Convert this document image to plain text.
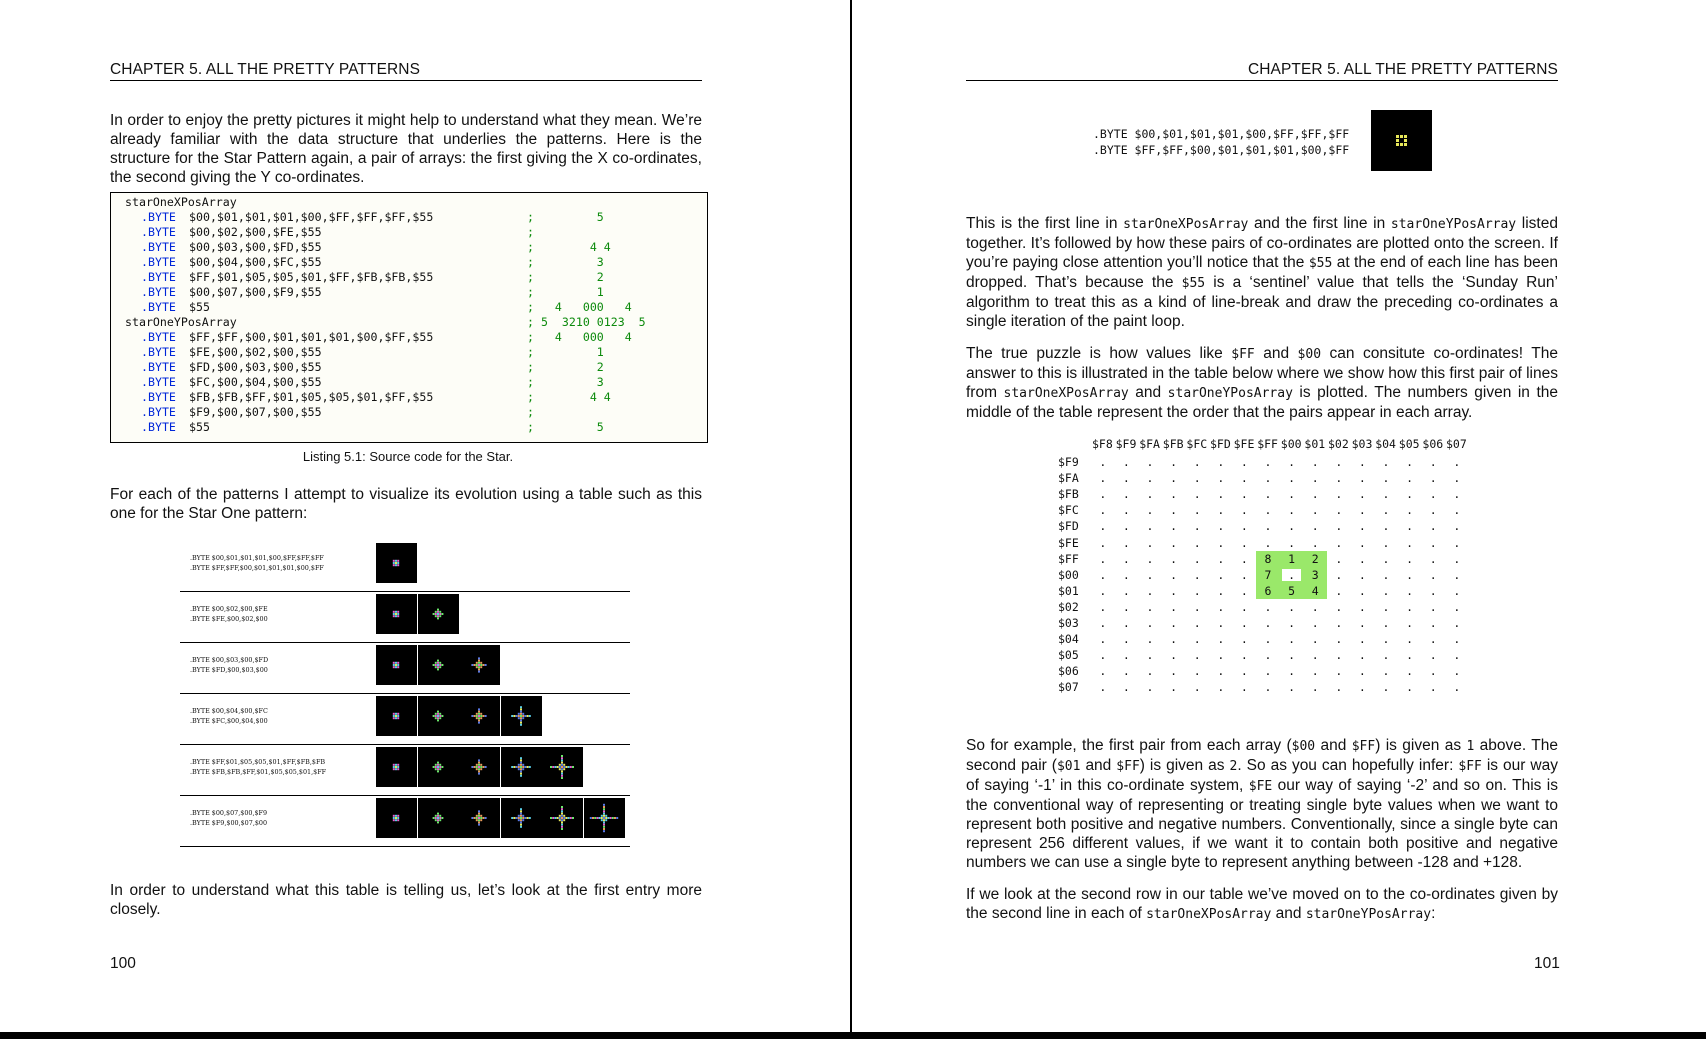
CHAPTER 5. ALL THE PRETTY PATTERNS

In order to enjoy the pretty pictures it might help to understand what they mean. We’re already familiar with the data structure that underlies the patterns. Here is the structure for the Star Pattern again, a pair of arrays: the first giving the X co-ordinates, the second giving the Y co-ordinates.

starOneXPosArray
.BYTE $00,$01,$01,$01,$00,$FF,$FF,$FF,$55	;         5
.BYTE $00,$02,$00,$FE,$55	;
.BYTE $00,$03,$00,$FD,$55	;        4 4
.BYTE $00,$04,$00,$FC,$55	;         3
.BYTE $FF,$01,$05,$05,$01,$FF,$FB,$FB,$55	;         2
.BYTE $00,$07,$00,$F9,$55	;         1
.BYTE $55	;   4   000   4
starOneYPosArray	; 5  3210 0123  5
.BYTE $FF,$FF,$00,$01,$01,$01,$00,$FF,$55	;   4   000   4
.BYTE $FE,$00,$02,$00,$55	;         1
.BYTE $FD,$00,$03,$00,$55	;         2
.BYTE $FC,$00,$04,$00,$55	;         3
.BYTE $FB,$FB,$FF,$01,$05,$05,$01,$FF,$55	;        4 4
.BYTE $F9,$00,$07,$00,$55	;
.BYTE $55	;         5
Listing 5.1: Source code for the Star.

For each of the patterns I attempt to visualize its evolution using a table such as this one for the Star One pattern:

.BYTE $00,$01,$01,$01,$00,$FF,$FF,$FF
.BYTE $FF,$FF,$00,$01,$01,$01,$00,$FF
.BYTE $00,$02,$00,$FE
.BYTE $FE,$00,$02,$00
.BYTE $00,$03,$00,$FD
.BYTE $FD,$00,$03,$00
.BYTE $00,$04,$00,$FC
.BYTE $FC,$00,$04,$00
.BYTE $FF,$01,$05,$05,$01,$FF,$FB,$FB
.BYTE $FB,$FB,$FF,$01,$05,$05,$01,$FF
.BYTE $00,$07,$00,$F9
.BYTE $F9,$00,$07,$00

In order to understand what this table is telling us, let’s look at the first entry more closely.

100
CHAPTER 5. ALL THE PRETTY PATTERNS
.BYTE $00,$01,$01,$01,$00,$FF,$FF,$FF
.BYTE $FF,$FF,$00,$01,$01,$01,$00,$FF

This is the first line in starOneXPosArray and the first line in starOneYPosArray listed together. It’s followed by how these pairs of co-ordinates are plotted onto the screen. If you’re paying close attention you’ll notice that the $55 at the end of each line has been dropped. That’s because the $55 is a ‘sentinel’ value that tells the ‘Sunday Run’ algorithm to treat this as a kind of line-break and draw the preceding co-ordinates a single iteration of the paint loop.

The true puzzle is how values like $FF and $00 can consitute co-ordinates! The answer to this is illustrated in the table below where we show how this first pair of lines from starOneXPosArray and starOneYPosArray is plotted. The numbers given in the middle of the table represent the order that the pairs appear in each array.

$F8 $F9 $FA $FB $FC $FD $FE $FF $00 $01 $02 $03 $04 $05 $06 $07
$F9	.	.	.	.	.	.	.	.	.	.	.	.	.	.	.	.
$FA	.	.	.	.	.	.	.	.	.	.	.	.	.	.	.	.
$FB	.	.	.	.	.	.	.	.	.	.	.	.	.	.	.	.
$FC	.	.	.	.	.	.	.	.	.	.	.	.	.	.	.	.
$FD	.	.	.	.	.	.	.	.	.	.	.	.	.	.	.	.
$FE	.	.	.	.	.	.	.	.	.	.	.	.	.	.	.	.
$FF	.	.	.	.	.	.	.	8	1	2	.	.	.	.	.	.
$00	.	.	.	.	.	.	.	7	.	3	.	.	.	.	.	.
$01	.	.	.	.	.	.	.	6	5	4	.	.	.	.	.	.
$02	.	.	.	.	.	.	.	.	.	.	.	.	.	.	.	.
$03	.	.	.	.	.	.	.	.	.	.	.	.	.	.	.	.
$04	.	.	.	.	.	.	.	.	.	.	.	.	.	.	.	.
$05	.	.	.	.	.	.	.	.	.	.	.	.	.	.	.	.
$06	.	.	.	.	.	.	.	.	.	.	.	.	.	.	.	.
$07	.	.	.	.	.	.	.	.	.	.	.	.	.	.	.	.

So for example, the first pair from each array ($00 and $FF) is given as 1 above. The second pair ($01 and $FF) is given as 2. So as you can hopefully infer: $FF is our way of saying ‘-1’ in this co-ordinate system, $FE our way of saying ‘-2’ and so on. This is the conventional way of representing or treating single byte values when we want to represent both positive and negative numbers. Conventionally, since a single byte can represent 256 different values, if we want it to contain both positive and negative numbers we can use a single byte to represent anything between -128 and +128.

If we look at the second row in our table we’ve moved on to the co-ordinates given by the second line in each of starOneXPosArray and starOneYPosArray:

101
